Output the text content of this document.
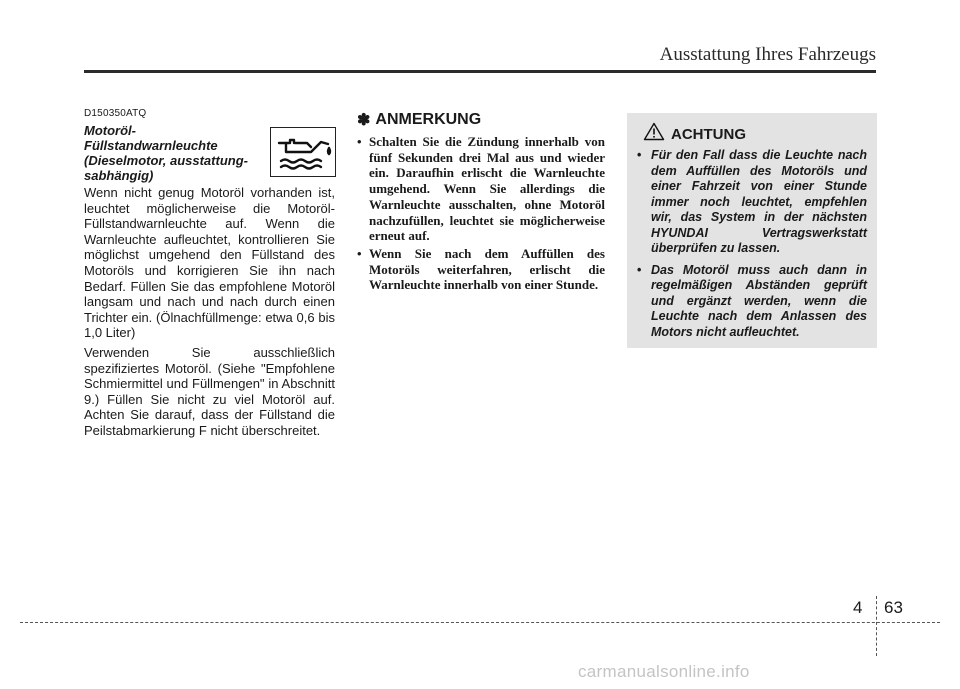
Ausstattung Ihres Fahrzeugs
D150350ATQ
Motoröl-Füllstandwarnleuchte (Dieselmotor, ausstattung-sabhängig)

Wenn nicht genug Motoröl vorhanden ist, leuchtet möglicherweise die Motoröl-Füllstandwarnleuchte auf. Wenn die Warnleuchte aufleuchtet, kontrollieren Sie möglichst umgehend den Füllstand des Motoröls und korrigieren Sie ihn nach Bedarf. Füllen Sie das empfohlene Motoröl langsam und nach und nach durch einen Trichter ein. (Ölnachfüllmenge: etwa 0,6 bis 1,0 Liter)

Verwenden Sie ausschließlich spezifiziertes Motoröl. (Siehe "Empfohlene Schmiermittel und Füllmengen" in Abschnitt 9.) Füllen Sie nicht zu viel Motoröl auf. Achten Sie darauf, dass der Füllstand die Peilstabmarkierung F nicht überschreitet.

✽ ANMERKUNG
• Schalten Sie die Zündung innerhalb von fünf Sekunden drei Mal aus und wieder ein. Daraufhin erlischt die Warnleuchte umgehend. Wenn Sie allerdings die Warnleuchte ausschalten, ohne Motoröl nachzufüllen, leuchtet sie möglicherweise erneut auf.
• Wenn Sie nach dem Auffüllen des Motoröls weiterfahren, erlischt die Warnleuchte innerhalb von einer Stunde.
ACHTUNG
• Für den Fall dass die Leuchte nach dem Auffüllen des Motoröls und einer Fahrzeit von einer Stunde immer noch leuchtet, empfehlen wir, das System in der nächsten HYUNDAI Vertragswerkstatt überprüfen zu lassen.
• Das Motoröl muss auch dann in regelmäßigen Abständen geprüft und ergänzt werden, wenn die Leuchte nach dem Anlassen des Motors nicht aufleuchtet.
4 63
carmanualsonline.info
